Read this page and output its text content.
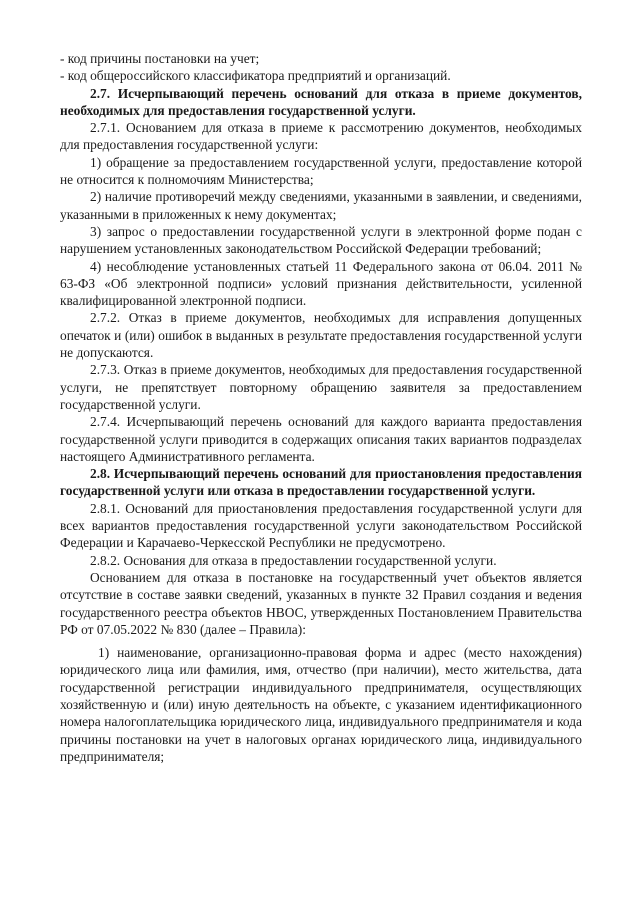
- код причины постановки на учет;

- код общероссийского классификатора предприятий и организаций.

2.7. Исчерпывающий перечень оснований для отказа в приеме документов, необходимых для предоставления государственной услуги.

2.7.1. Основанием для отказа в приеме к рассмотрению документов, необходимых для предоставления государственной услуги:

1) обращение за предоставлением государственной услуги, предоставление которой не относится к полномочиям Министерства;

2) наличие противоречий между сведениями, указанными в заявлении, и сведениями, указанными в приложенных к нему документах;

3) запрос о предоставлении государственной услуги в электронной форме подан с нарушением установленных законодательством Российской Федерации требований;

4) несоблюдение установленных статьей 11 Федерального закона от 06.04. 2011 № 63-ФЗ «Об электронной подписи» условий признания действительности, усиленной квалифицированной электронной подписи.

2.7.2. Отказ в приеме документов, необходимых для исправления допущенных опечаток и (или) ошибок в выданных в результате предоставления государственной услуги не допускаются.

2.7.3. Отказ в приеме документов, необходимых для предоставления государственной услуги, не препятствует повторному обращению заявителя за предоставлением государственной услуги.

2.7.4. Исчерпывающий перечень оснований для каждого варианта предоставления государственной услуги приводится в содержащих описания таких вариантов подразделах настоящего Административного регламента.

2.8. Исчерпывающий перечень оснований для приостановления предоставления государственной услуги или отказа в предоставлении государственной услуги.

2.8.1. Оснований для приостановления предоставления государственной услуги для всех вариантов предоставления государственной услуги законодательством Российской Федерации и Карачаево-Черкесской Республики не предусмотрено.

2.8.2. Основания для отказа в предоставлении государственной услуги.

Основанием для отказа в постановке на государственный учет объектов является отсутствие в составе заявки сведений, указанных в пункте 32 Правил создания и ведения государственного реестра объектов НВОС, утвержденных Постановлением Правительства РФ от 07.05.2022 № 830 (далее – Правила):

1) наименование, организационно-правовая форма и адрес (место нахождения) юридического лица или фамилия, имя, отчество (при наличии), место жительства, дата государственной регистрации индивидуального предпринимателя, осуществляющих хозяйственную и (или) иную деятельность на объекте, с указанием идентификационного номера налогоплательщика юридического лица, индивидуального предпринимателя и кода причины постановки на учет в налоговых органах юридического лица, индивидуального предпринимателя;
